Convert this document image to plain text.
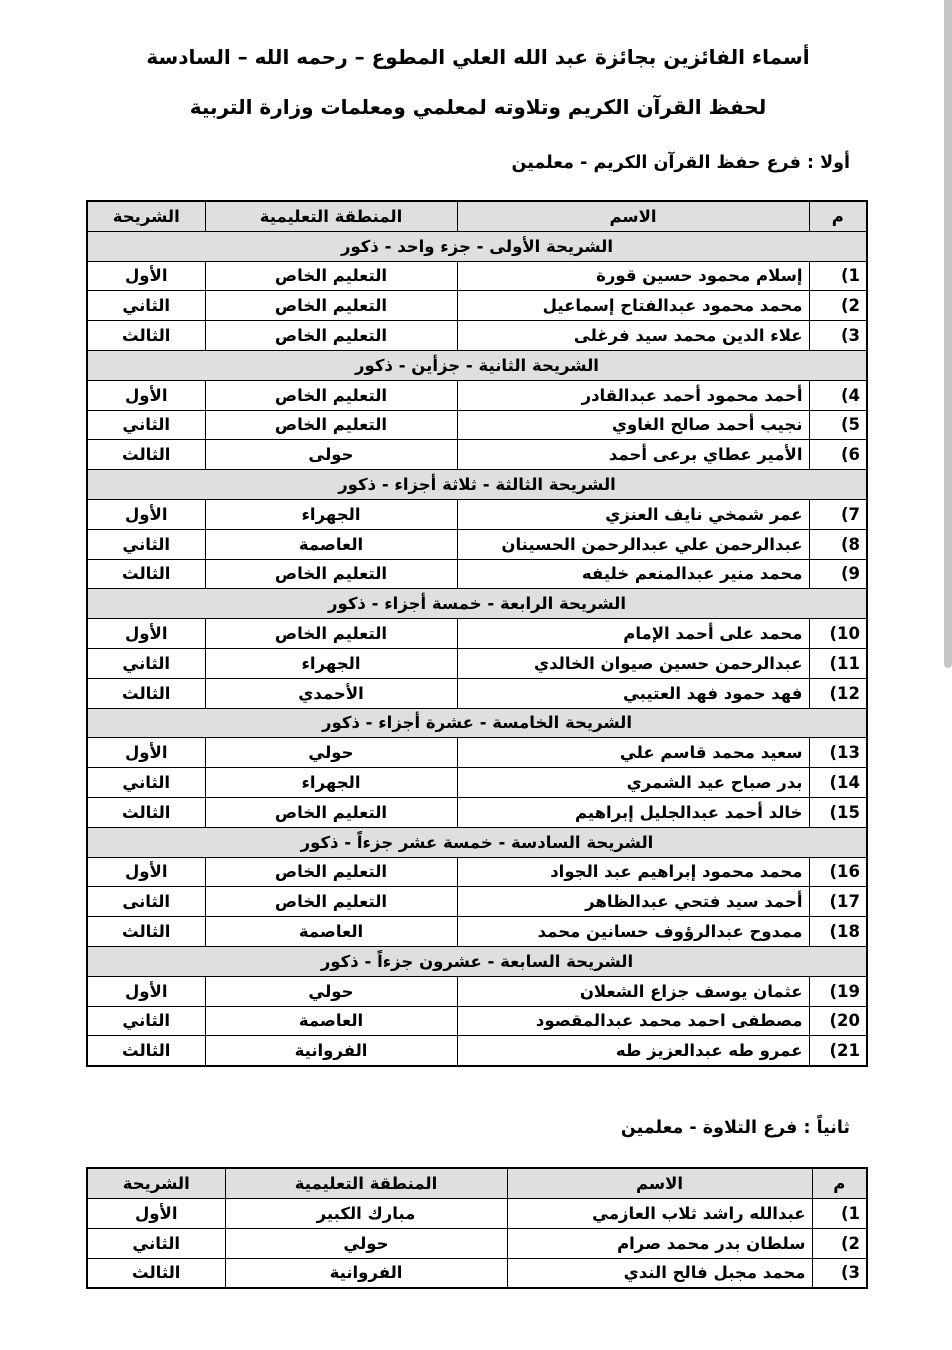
أسماء الفائزين بجائزة عبد الله العلي المطوع – رحمه الله – السادسة
لحفظ القرآن الكريم وتلاوته لمعلمي ومعلمات وزارة التربية
أولا : فرع حفظ القرآن الكريم - معلمين
م	الاسم	المنطقة التعليمية	الشريحة
الشريحة الأولى - جزء واحد - ذكور			
(1	إسلام محمود حسين قورة	التعليم الخاص	الأول
(2	محمد محمود عبدالفتاح إسماعيل	التعليم الخاص	الثاني
(3	علاء الدين محمد سيد فرغلى	التعليم الخاص	الثالث
الشريحة الثانية - جزأين - ذكور			
(4	أحمد محمود أحمد عبدالقادر	التعليم الخاص	الأول
(5	نجيب أحمد صالح الغاوي	التعليم الخاص	الثاني
(6	الأمير عطاي برعى أحمد	حولى	الثالث
الشريحة الثالثة - ثلاثة أجزاء - ذكور			
(7	عمر شمخي نايف العنزي	الجهراء	الأول
(8	عبدالرحمن علي عبدالرحمن الحسينان	العاصمة	الثاني
(9	محمد منير عبدالمنعم خليفه	التعليم الخاص	الثالث
الشريحة الرابعة - خمسة أجزاء - ذكور			
(10	محمد على أحمد الإمام	التعليم الخاص	الأول
(11	عبدالرحمن حسين صيوان الخالدي	الجهراء	الثاني
(12	فهد حمود فهد العتيبي	الأحمدي	الثالث
الشريحة الخامسة - عشرة أجزاء - ذكور			
(13	سعيد محمد قاسم علي	حولي	الأول
(14	بدر صباح عيد الشمري	الجهراء	الثاني
(15	خالد أحمد عبدالجليل إبراهيم	التعليم الخاص	الثالث
الشريحة السادسة - خمسة عشر جزءاً - ذكور			
(16	محمد محمود إبراهيم عبد الجواد	التعليم الخاص	الأول
(17	أحمد سيد فتحي عبدالظاهر	التعليم الخاص	الثانى
(18	ممدوح عبدالرؤوف حسانين محمد	العاصمة	الثالث
الشريحة السابعة - عشرون جزءاً - ذكور			
(19	عثمان يوسف جزاع الشعلان	حولي	الأول
(20	مصطفى احمد محمد عبدالمقصود	العاصمة	الثاني
(21	عمرو طه عبدالعزيز طه	الفروانية	الثالث
ثانياً : فرع التلاوة - معلمين
م	الاسم	المنطقة التعليمية	الشريحة
(1	عبدالله راشد ثلاب العازمي	مبارك الكبير	الأول
(2	سلطان بدر محمد صرام	حولي	الثاني
(3	محمد مجبل فالح الندي	الفروانية	الثالث
